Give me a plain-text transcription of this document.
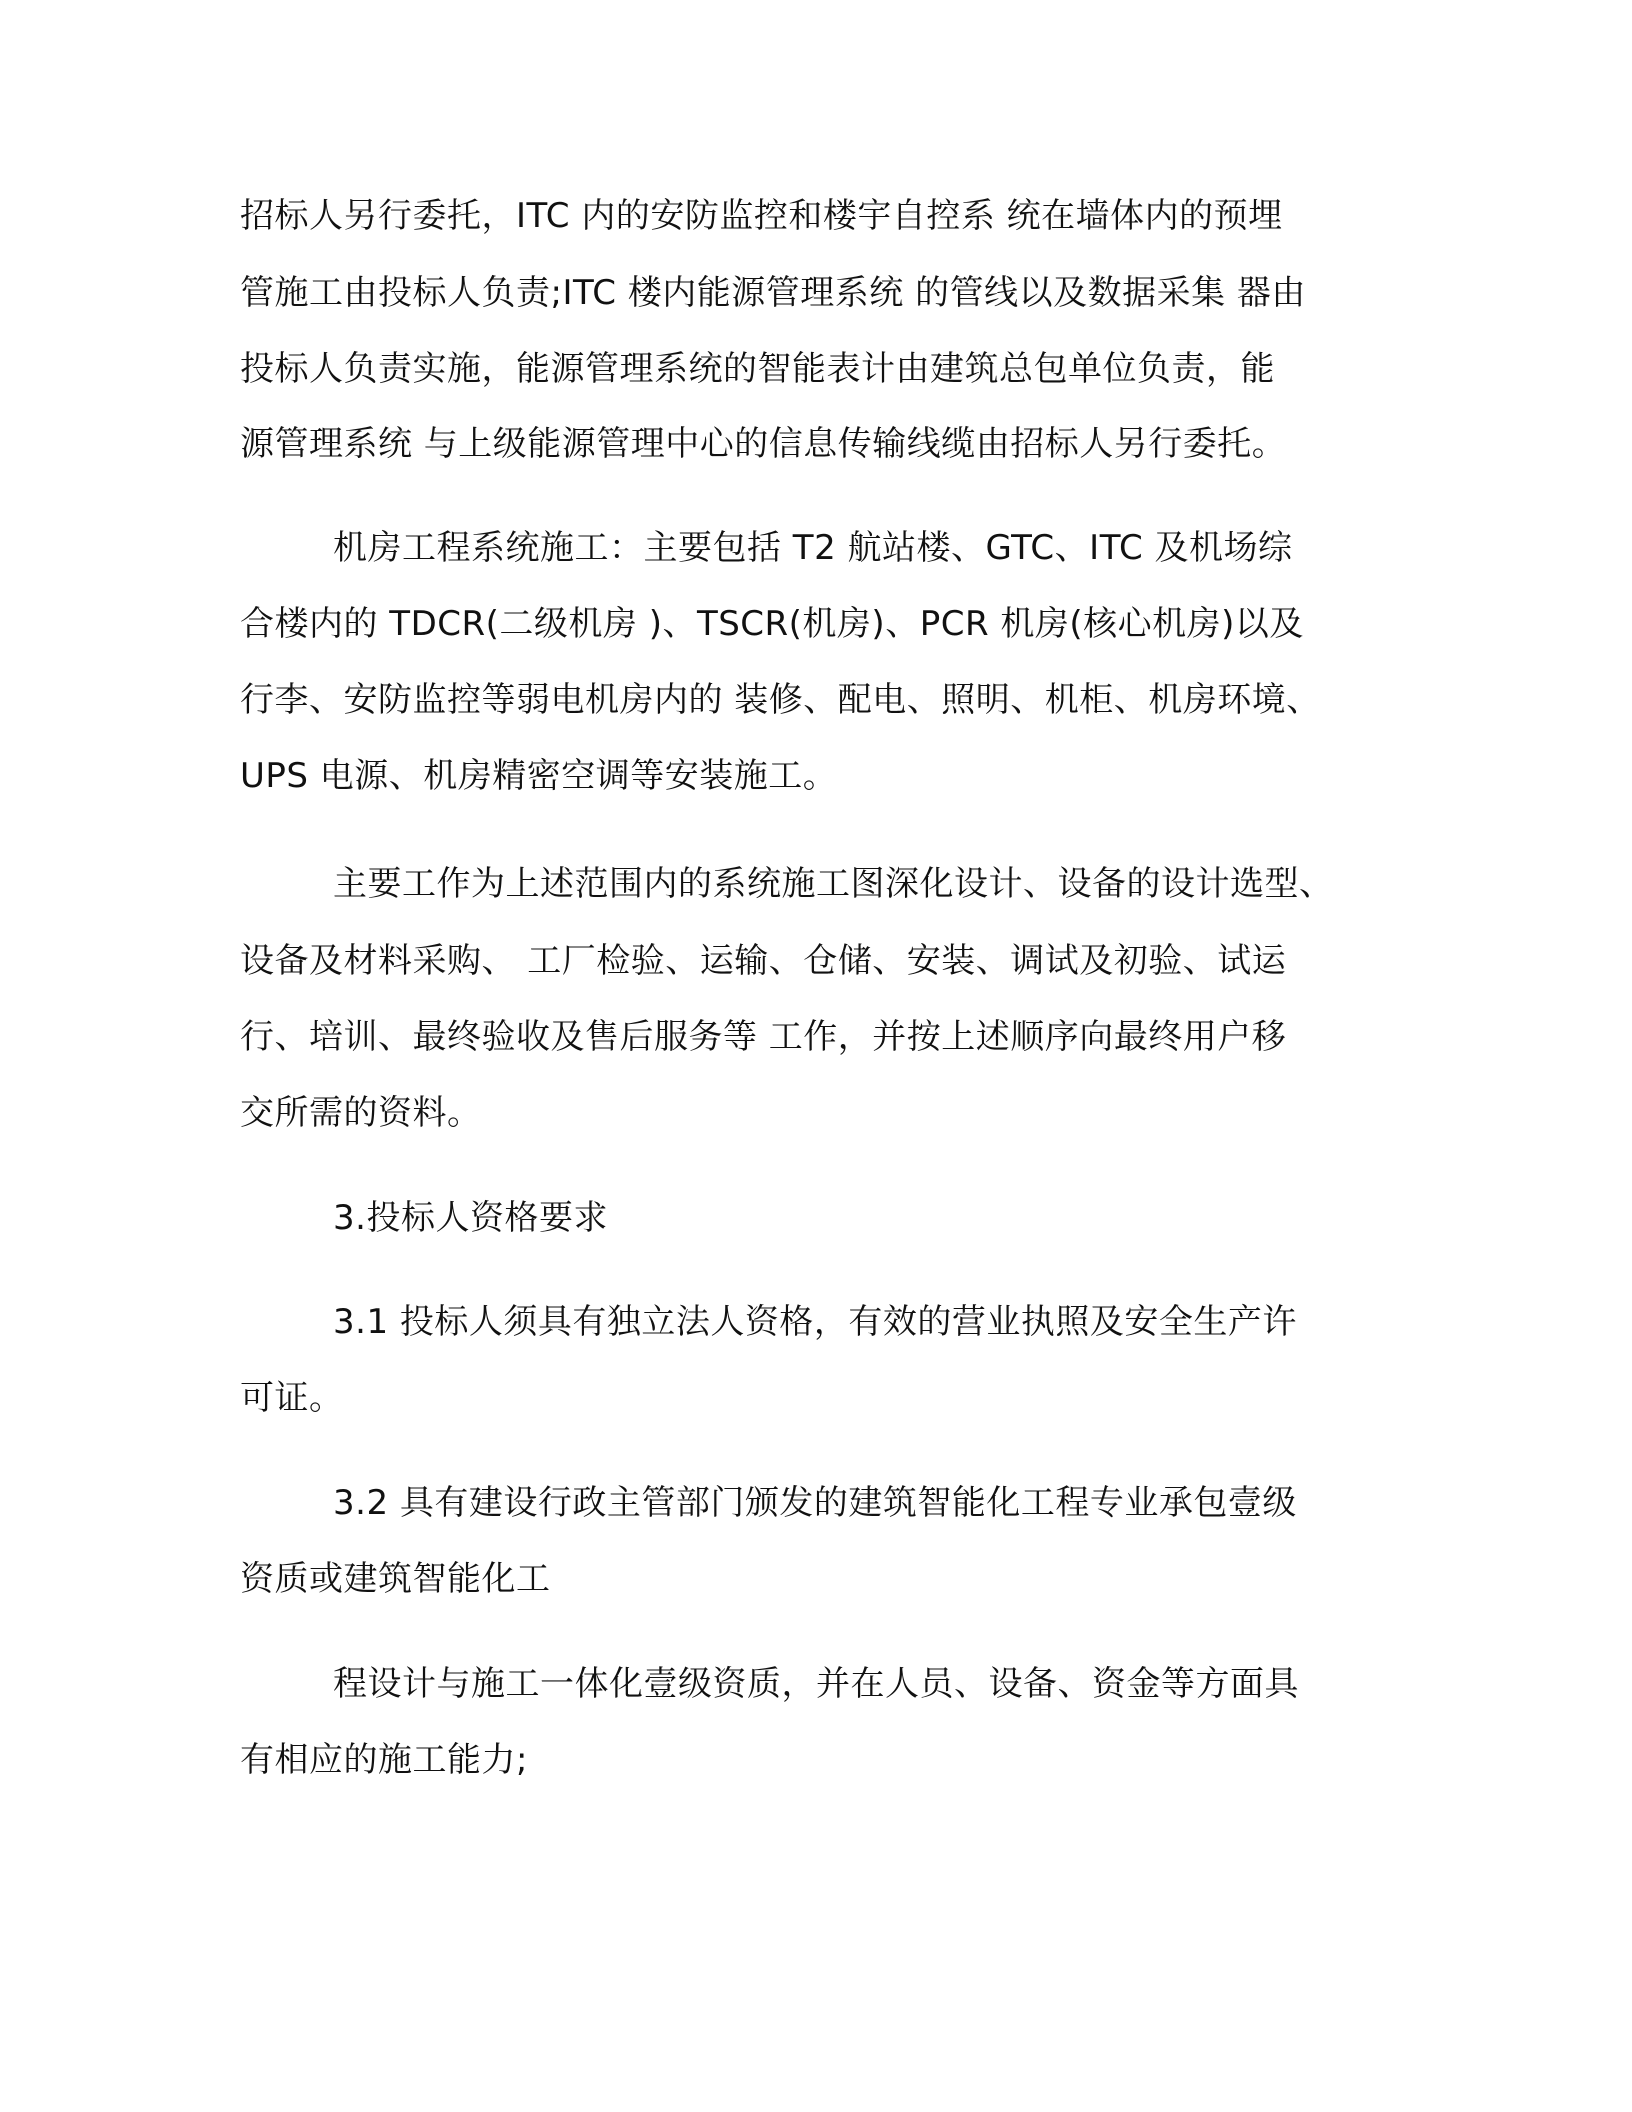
招标人另行委托，ITC 内的安防监控和楼宇自控系 统在墙体内的预埋
管施工由投标人负责;ITC 楼内能源管理系统 的管线以及数据采集 器由
投标人负责实施，能源管理系统的智能表计由建筑总包单位负责，能
源管理系统 与上级能源管理中心的信息传输线缆由招标人另行委托。
机房工程系统施工：主要包括 T2 航站楼、GTC、ITC 及机场综
合楼内的 TDCR(二级机房 )、TSCR(机房)、PCR 机房(核心机房)以及
行李、安防监控等弱电机房内的 装修、配电、照明、机柜、机房环境、
UPS 电源、机房精密空调等安装施工。
主要工作为上述范围内的系统施工图深化设计、设备的设计选型、
设备及材料采购、 工厂检验、运输、仓储、安装、调试及初验、试运
行、培训、最终验收及售后服务等 工作，并按上述顺序向最终用户移
交所需的资料。
3.投标人资格要求
3.1 投标人须具有独立法人资格，有效的营业执照及安全生产许
可证。
3.2 具有建设行政主管部门颁发的建筑智能化工程专业承包壹级
资质或建筑智能化工
程设计与施工一体化壹级资质，并在人员、设备、资金等方面具
有相应的施工能力;
